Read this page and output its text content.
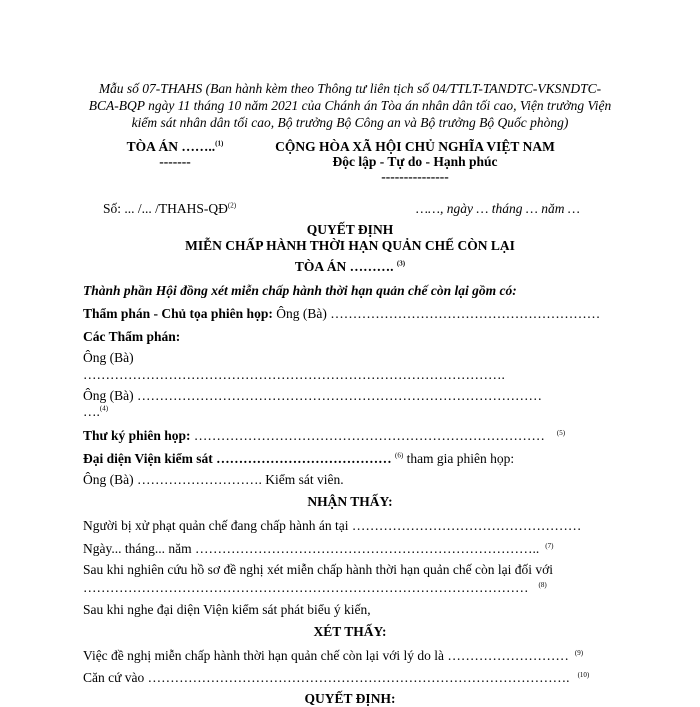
Mẫu số 07-THAHS (Ban hành kèm theo Thông tư liên tịch số 04/TTLT-TANDTC-VKSNDTC-
BCA-BQP ngày 11 tháng 10 năm 2021 của Chánh án Tòa án nhân dân tối cao, Viện trưởng Viện
kiểm sát nhân dân tối cao, Bộ trưởng Bộ Công an và Bộ trưởng Bộ Quốc phòng)
TÒA ÁN ……..$^{(1)}$
-------
CỘNG HÒA XÃ HỘI CHỦ NGHĨA VIỆT NAM
Độc lập - Tự do - Hạnh phúc
---------------
Số: ... /... /THAHS-QĐ$^{(2)}$	……, ngày … tháng … năm …
QUYẾT ĐỊNH
MIỄN CHẤP HÀNH THỜI HẠN QUẢN CHẾ CÒN LẠI
TÒA ÁN ………. $^{(3)}$
Thành phần Hội đồng xét miễn chấp hành thời hạn quản chế còn lại gồm có:
Thẩm phán - Chủ tọa phiên họp: Ông (Bà) ……………………………………………………
Các Thẩm phán:
Ông (Bà)
………………………………………………………………………………….
Ông (Bà) ………………………………………………………………………………
….$^{(4)}$
Thư ký phiên họp: …………………………………………………………………… $^{(5)}$
Đại diện Viện kiểm sát ………………………………… $^{(6)}$ tham gia phiên họp:
Ông (Bà) ………………………. Kiểm sát viên.
NHẬN THẤY:
Người bị xử phạt quản chế đang chấp hành án tại ……………………………………………
Ngày... tháng... năm ………………………………………………………………….. $^{(7)}$
Sau khi nghiên cứu hồ sơ đề nghị xét miễn chấp hành thời hạn quản chế còn lại đối với
……………………………………………………………………………………… $^{(8)}$
Sau khi nghe đại diện Viện kiểm sát phát biểu ý kiến,
XÉT THẤY:
Việc đề nghị miễn chấp hành thời hạn quản chế còn lại với lý do là ……………………… $^{(9)}$
Căn cứ vào …………………………………………………………………………………. $^{(10)}$
QUYẾT ĐỊNH:
